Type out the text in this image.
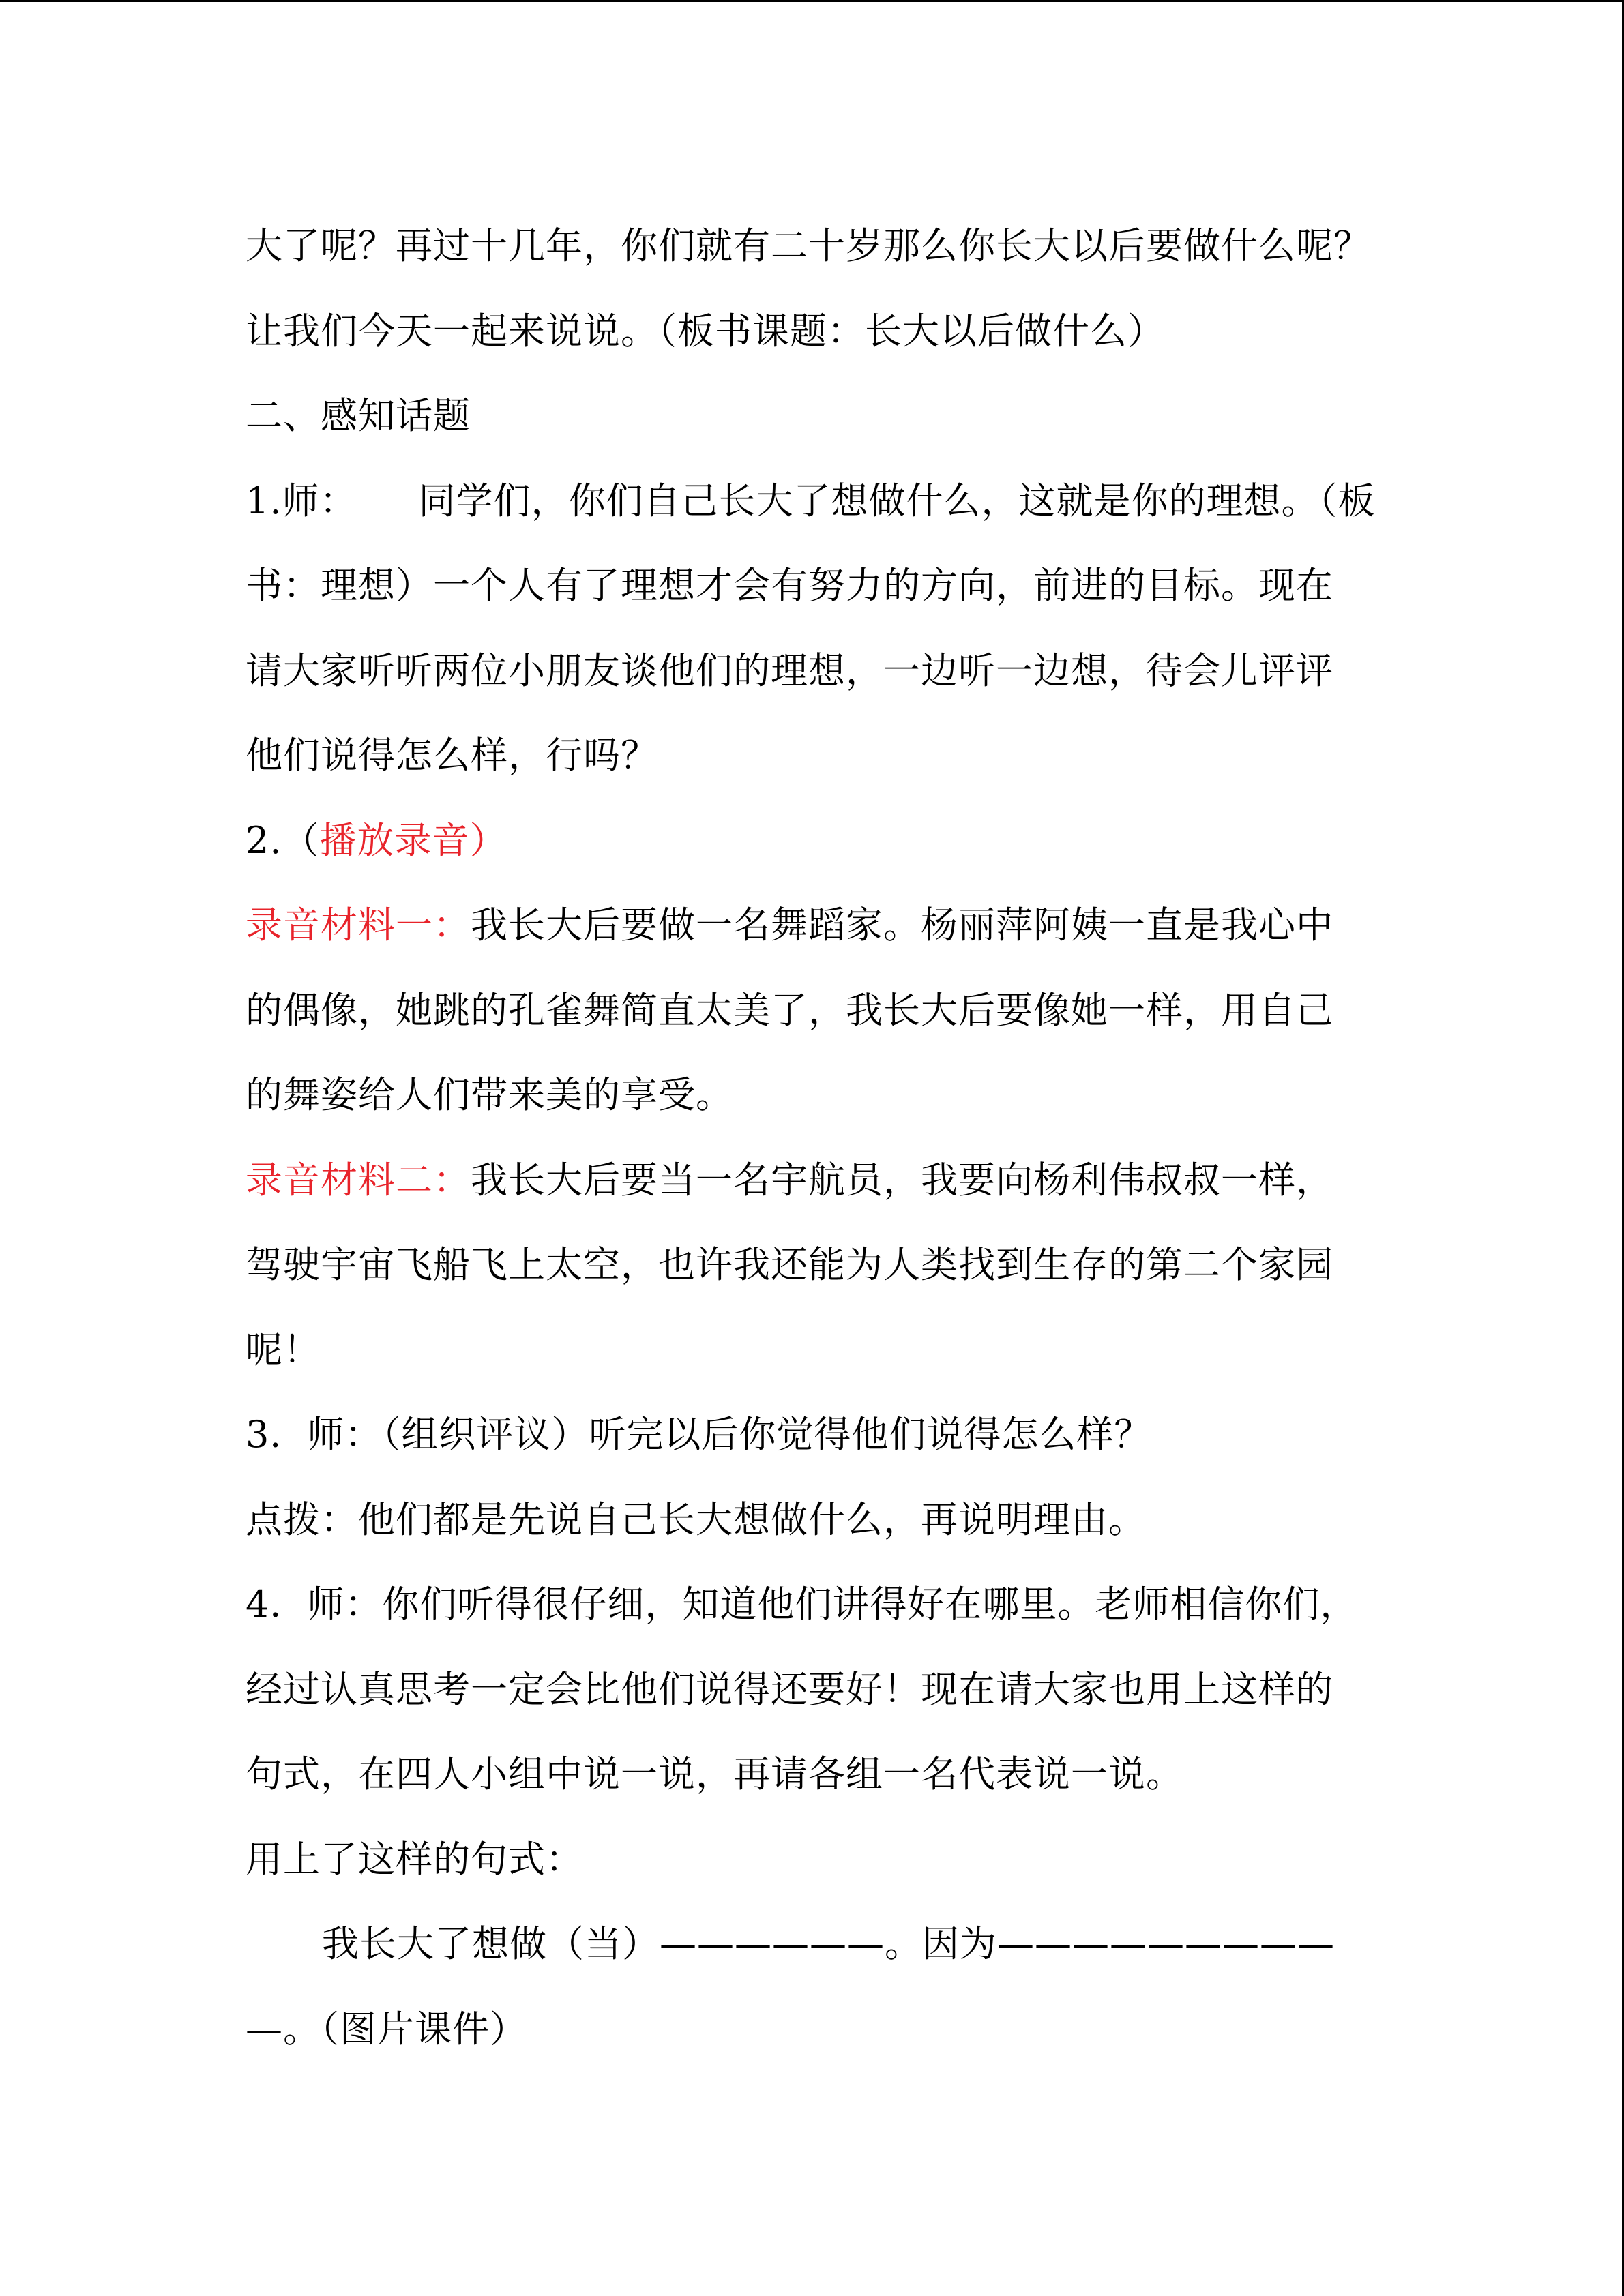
大了呢？再过十几年，你们就有二十岁那么你长大以后要做什么呢？
让我们今天一起来说说。（板书课题：长大以后做什么）
二、感知话题
1.师： 同学们，你们自己长大了想做什么，这就是你的理想。（板
书：理想）一个人有了理想才会有努力的方向，前进的目标。现在
请大家听听两位小朋友谈他们的理想，一边听一边想，待会儿评评
他们说得怎么样，行吗？
2.（播放录音）
录音材料一：我长大后要做一名舞蹈家。杨丽萍阿姨一直是我心中
的偶像，她跳的孔雀舞简直太美了，我长大后要像她一样，用自己
的舞姿给人们带来美的享受。
录音材料二：我长大后要当一名宇航员，我要向杨利伟叔叔一样，
驾驶宇宙飞船飞上太空，也许我还能为人类找到生存的第二个家园
呢！
3．师：（组织评议）听完以后你觉得他们说得怎么样？
点拨：他们都是先说自己长大想做什么，再说明理由。
4．师：你们听得很仔细，知道他们讲得好在哪里。老师相信你们，
经过认真思考一定会比他们说得还要好！现在请大家也用上这样的
句式，在四人小组中说一说，再请各组一名代表说一说。
用上了这样的句式：
我长大了想做（当）——————。因为—————————
—。（图片课件）
